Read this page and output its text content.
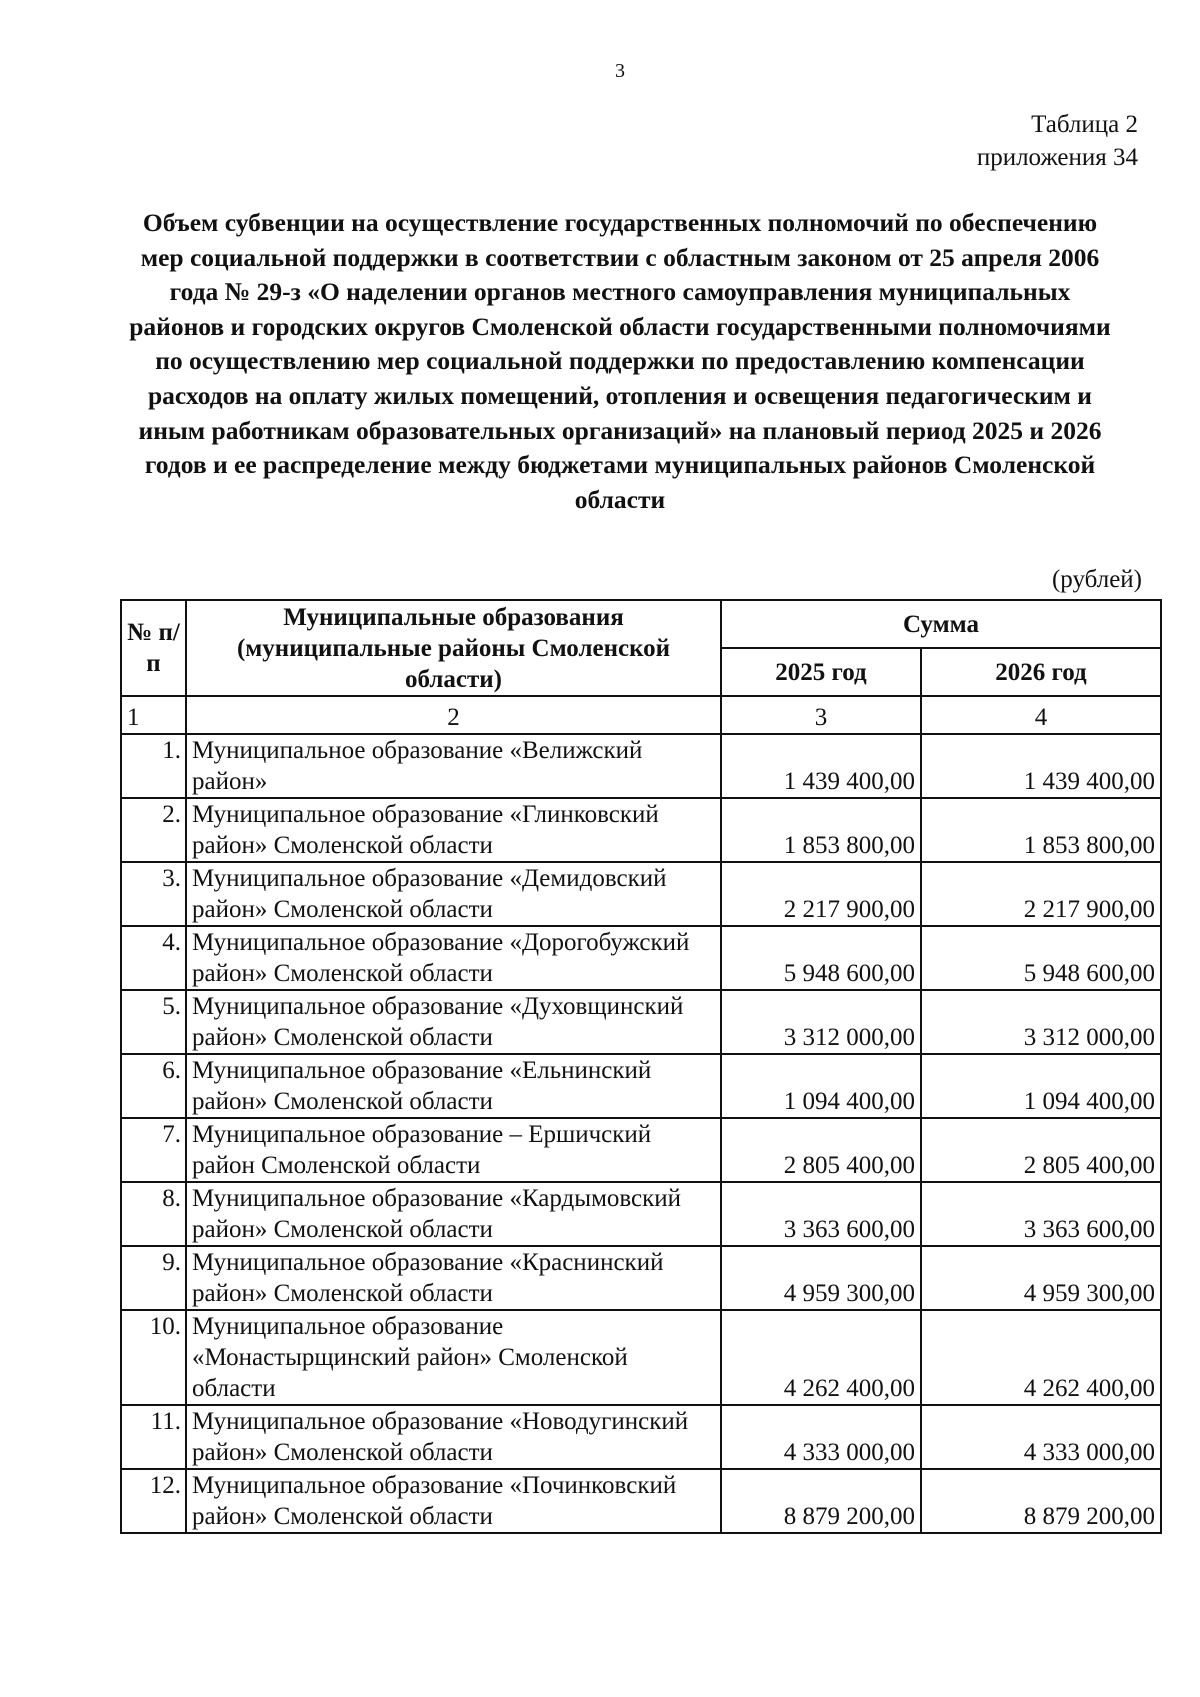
3
Таблица 2
приложения 34
Объем субвенции на осуществление государственных полномочий по обеспечению мер социальной поддержки в соответствии с областным законом от 25 апреля 2006 года № 29-з «О наделении органов местного самоуправления муниципальных районов и городских округов Смоленской области государственными полномочиями по осуществлению мер социальной поддержки по предоставлению компенсации расходов на оплату жилых помещений, отопления и освещения педагогическим и иным работникам образовательных организаций» на плановый период 2025 и 2026 годов и ее распределение между бюджетами муниципальных районов Смоленской области
(рублей)
№ п/п	Муниципальные образования (муниципальные районы Смоленской области)	Сумма	
		2025 год	2026 год
1	2	3	4
1.	Муниципальное образование «Велижский район»	1 439 400,00	1 439 400,00
2.	Муниципальное образование «Глинковский район» Смоленской области	1 853 800,00	1 853 800,00
3.	Муниципальное образование «Демидовский район» Смоленской области	2 217 900,00	2 217 900,00
4.	Муниципальное образование «Дорогобужский район» Смоленской области	5 948 600,00	5 948 600,00
5.	Муниципальное образование «Духовщинский район» Смоленской области	3 312 000,00	3 312 000,00
6.	Муниципальное образование «Ельнинский район» Смоленской области	1 094 400,00	1 094 400,00
7.	Муниципальное образование – Ершичский район Смоленской области	2 805 400,00	2 805 400,00
8.	Муниципальное образование «Кардымовский район» Смоленской области	3 363 600,00	3 363 600,00
9.	Муниципальное образование «Краснинский район» Смоленской области	4 959 300,00	4 959 300,00
10.	Муниципальное образование «Монастырщинский район» Смоленской области	4 262 400,00	4 262 400,00
11.	Муниципальное образование «Новодугинский район» Смоленской области	4 333 000,00	4 333 000,00
12.	Муниципальное образование «Починковский район» Смоленской области	8 879 200,00	8 879 200,00
